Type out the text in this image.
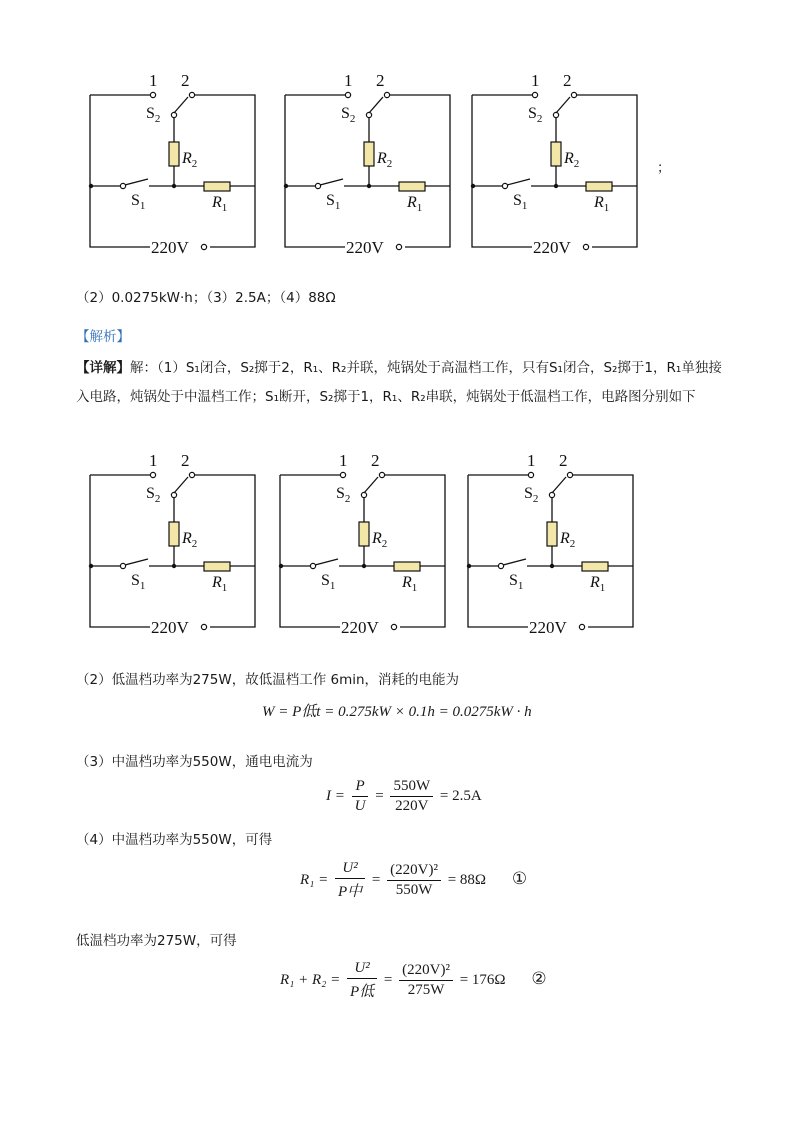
1 2
$S_2$
$R_2$
$S_1$	$R_1$
220V
1 2
$S_2$
$R_2$
$S_1$	$R_1$
220V
1 2
$S_2$
$R_2$
$S_1$	$R_1$
220V
；
（2）0.0275kW·h；（3）2.5A；（4）88Ω
【解析】
【详解】解：（1）S₁闭合，S₂掷于2，R₁、R₂并联，炖锅处于高温档工作，只有S₁闭合，S₂掷于1，R₁单独接入电路，炖锅处于中温档工作；S₁断开，S₂掷于1，R₁、R₂串联，炖锅处于低温档工作，电路图分别如下
1 2
$S_2$
$R_2$
$S_1$	$R_1$
220V
1 2
$S_2$
$R_2$
$S_1$	$R_1$
220V
1 2
$S_2$
$R_2$
$S_1$	$R_1$
220V
（2）低温档功率为275W，故低温档工作 6min，消耗的电能为
W = P低t = 0.275kW × 0.1h = 0.0275kW · h
（3）中温档功率为550W，通电电流为
$I = \frac{P}{U} = \frac{550W}{220V} = 2.5A$
（4）中温档功率为550W，可得
$R_1 = \frac{\text{U²}}{\text{P中}} = \frac{\text{(220V)²}}{550W} = 88\Omega$ ①
低温档功率为275W，可得
$R_1 + R_2 = \frac{\text{U²}}{\text{P低}} = \frac{\text{(220V)²}}{275W} = 176\Omega$ ②
